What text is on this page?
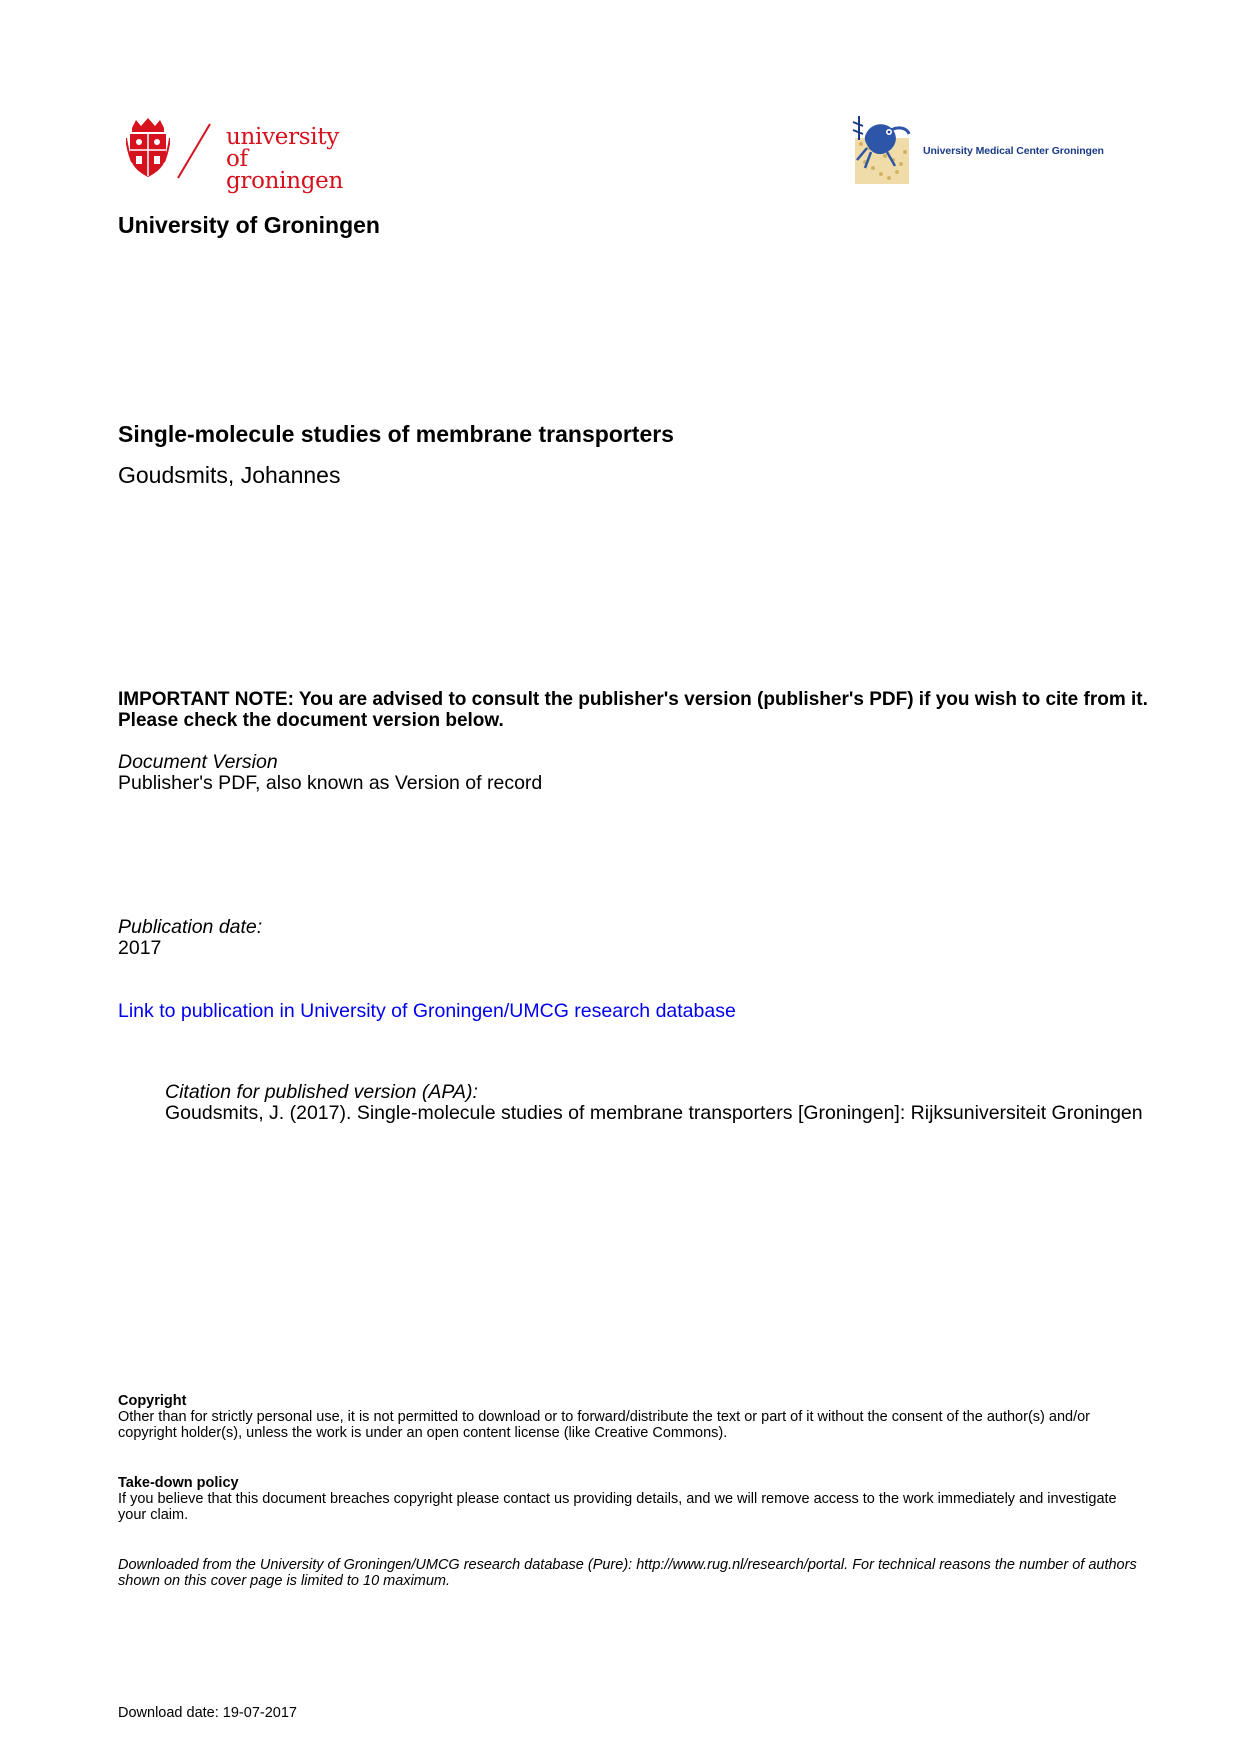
university of
groningen
University Medical Center Groningen
University of Groningen
Single-molecule studies of membrane transporters
Goudsmits, Johannes
IMPORTANT NOTE: You are advised to consult the publisher's version (publisher's PDF) if you wish to cite from it. Please check the document version below.
Document Version
Publisher's PDF, also known as Version of record
Publication date:
2017
Link to publication in University of Groningen/UMCG research database
Citation for published version (APA):
Goudsmits, J. (2017). Single-molecule studies of membrane transporters [Groningen]: Rijksuniversiteit Groningen
Copyright
Other than for strictly personal use, it is not permitted to download or to forward/distribute the text or part of it without the consent of the author(s) and/or copyright holder(s), unless the work is under an open content license (like Creative Commons).
Take-down policy
If you believe that this document breaches copyright please contact us providing details, and we will remove access to the work immediately and investigate your claim.
Downloaded from the University of Groningen/UMCG research database (Pure): http://www.rug.nl/research/portal. For technical reasons the number of authors shown on this cover page is limited to 10 maximum.
Download date: 19-07-2017
